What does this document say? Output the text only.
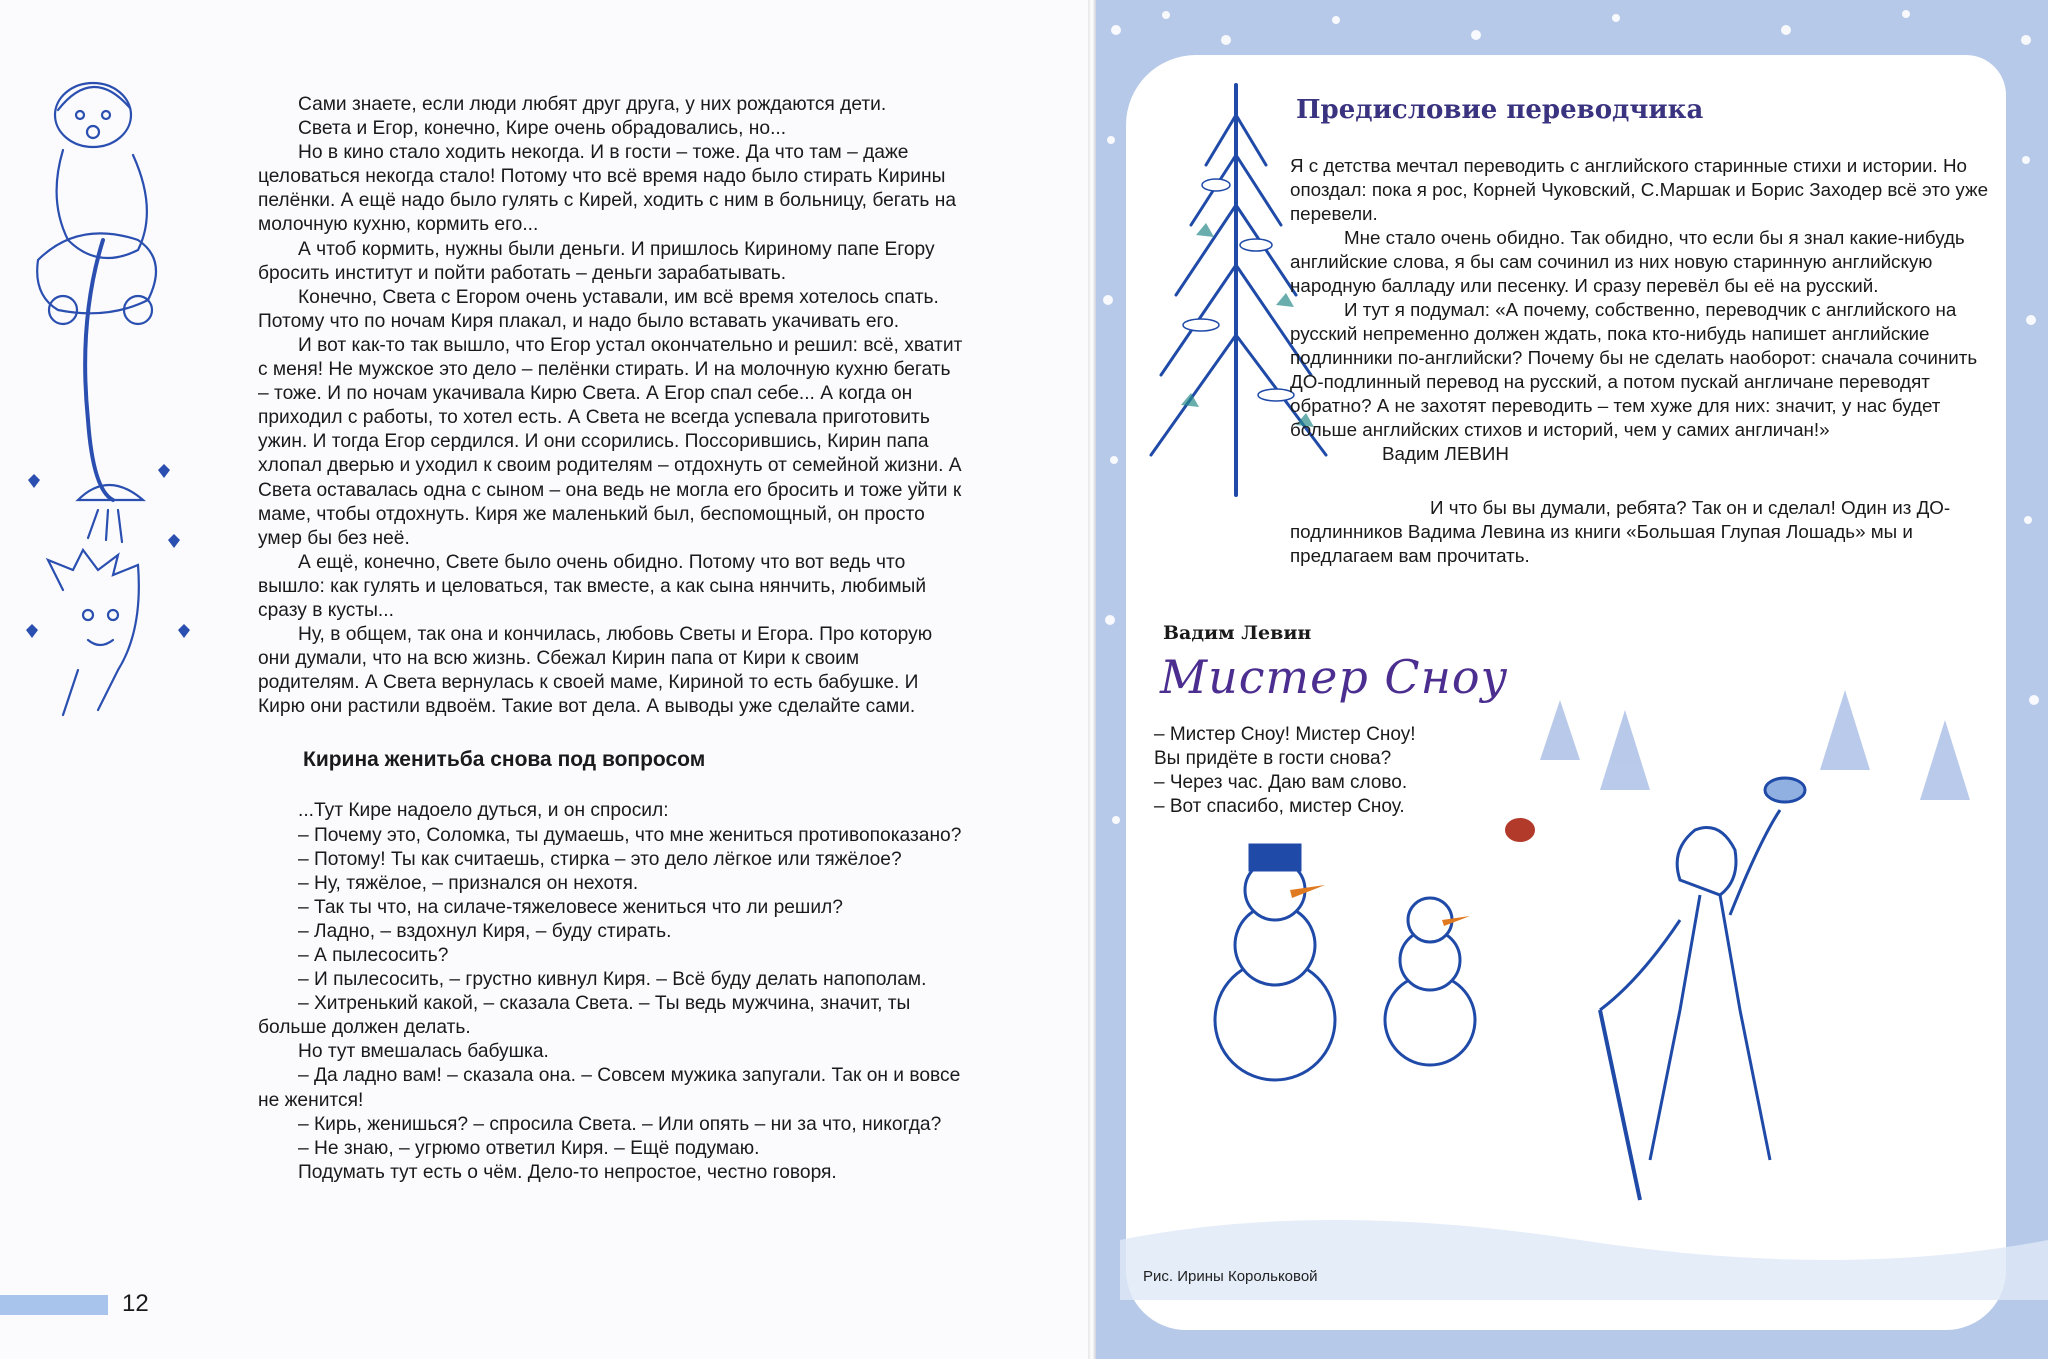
Сами знаете, если люди любят друг друга, у них рождаются дети.

Света и Егор, конечно, Кире очень обрадовались, но...

Но в кино стало ходить некогда. И в гости – тоже. Да что там – даже целоваться некогда стало! Потому что всё время надо было стирать Кирины пелёнки. А ещё надо было гулять с Кирей, ходить с ним в больницу, бегать на молочную кухню, кормить его...

А чтоб кормить, нужны были деньги. И пришлось Кириному папе Егору бросить институт и пойти работать – деньги зарабатывать.

Конечно, Света с Егором очень уставали, им всё время хотелось спать. Потому что по ночам Киря плакал, и надо было вставать укачивать его.

И вот как-то так вышло, что Егор устал окончательно и решил: всё, хватит с меня! Не мужское это дело – пелёнки стирать. И на молочную кухню бегать – тоже. И по ночам укачивала Кирю Света. А Егор спал себе... А когда он приходил с работы, то хотел есть. А Света не всегда успевала приготовить ужин. И тогда Егор сердился. И они ссорились. Поссорившись, Кирин папа хлопал дверью и уходил к своим родителям – отдохнуть от семейной жизни. А Света оставалась одна с сыном – она ведь не могла его бросить и тоже уйти к маме, чтобы отдохнуть. Киря же маленький был, беспомощный, он просто умер бы без неё.

А ещё, конечно, Свете было очень обидно. Потому что вот ведь что вышло: как гулять и целоваться, так вместе, а как сына нянчить, любимый сразу в кусты...

Ну, в общем, так она и кончилась, любовь Светы и Егора. Про которую они думали, что на всю жизнь. Сбежал Кирин папа от Кири к своим родителям. А Света вернулась к своей маме, Кириной то есть бабушке. И Кирю они растили вдвоём. Такие вот дела. А выводы уже сделайте сами.

Кирина женитьба снова под вопросом

...Тут Кире надоело дуться, и он спросил:

– Почему это, Соломка, ты думаешь, что мне жениться противопоказано?

– Потому! Ты как считаешь, стирка – это дело лёгкое или тяжёлое?

– Ну, тяжёлое, – признался он нехотя.

– Так ты что, на силаче-тяжеловесе жениться что ли решил?

– Ладно, – вздохнул Киря, – буду стирать.

– А пылесосить?

– И пылесосить, – грустно кивнул Киря. – Всё буду делать напополам.

– Хитренький какой, – сказала Света. – Ты ведь мужчина, значит, ты больше должен делать.

Но тут вмешалась бабушка.

– Да ладно вам! – сказала она. – Совсем мужика запугали. Так он и вовсе не женится!

– Кирь, женишься? – спросила Света. – Или опять – ни за что, никогда?

– Не знаю, – угрюмо ответил Киря. – Ещё подумаю.

Подумать тут есть о чём. Дело-то непростое, честно говоря.

12
Предисловие переводчика

Я с детства мечтал переводить с английского старинные стихи и истории. Но опоздал: пока я рос, Корней Чуковский, С.Маршак и Борис Заходер всё это уже перевели.

Мне стало очень обидно. Так обидно, что если бы я знал какие-нибудь английские слова, я бы сам сочинил из них новую старинную английскую народную балладу или песенку. И сразу перевёл бы её на русский.

И тут я подумал: «А почему, собственно, переводчик с английского на русский непременно должен ждать, пока кто-нибудь напишет английские подлинники по-английски? Почему бы не сделать наоборот: сначала сочинить ДО-подлинный перевод на русский, а потом пускай англичане переводят обратно? А не захотят переводить – тем хуже для них: значит, у нас будет больше английских стихов и историй, чем у самих англичан!»

Вадим ЛЕВИН

И что бы вы думали, ребята? Так он и сделал! Один из ДО-подлинников Вадима Левина из книги «Большая Глупая Лошадь» мы и предлагаем вам прочитать.

Вадим Левин

Мистер Сноу

– Мистер Сноу! Мистер Сноу!

Вы придёте в гости снова?

– Через час. Даю вам слово.

– Вот спасибо, мистер Сноу.

Рис. Ирины Корольковой
